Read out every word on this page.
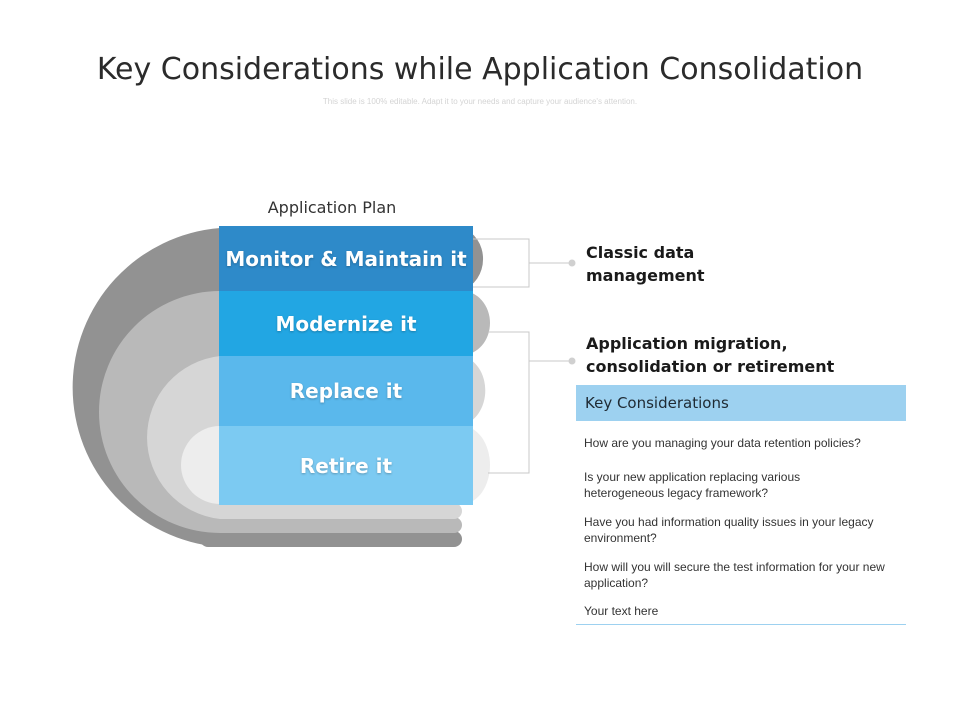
Key Considerations while Application Consolidation
This slide is 100% editable. Adapt it to your needs and capture your audience's attention.
Application Plan
Monitor & Maintain it
Modernize it
Replace it
Retire it
Classic data management
Application migration, consolidation or retirement
Key Considerations
How are you managing your data retention policies?
Is your new application replacing various heterogeneous legacy framework?
Have you had information quality issues in your legacy environment?
How will you will secure the test information for your new application?
Your text here
